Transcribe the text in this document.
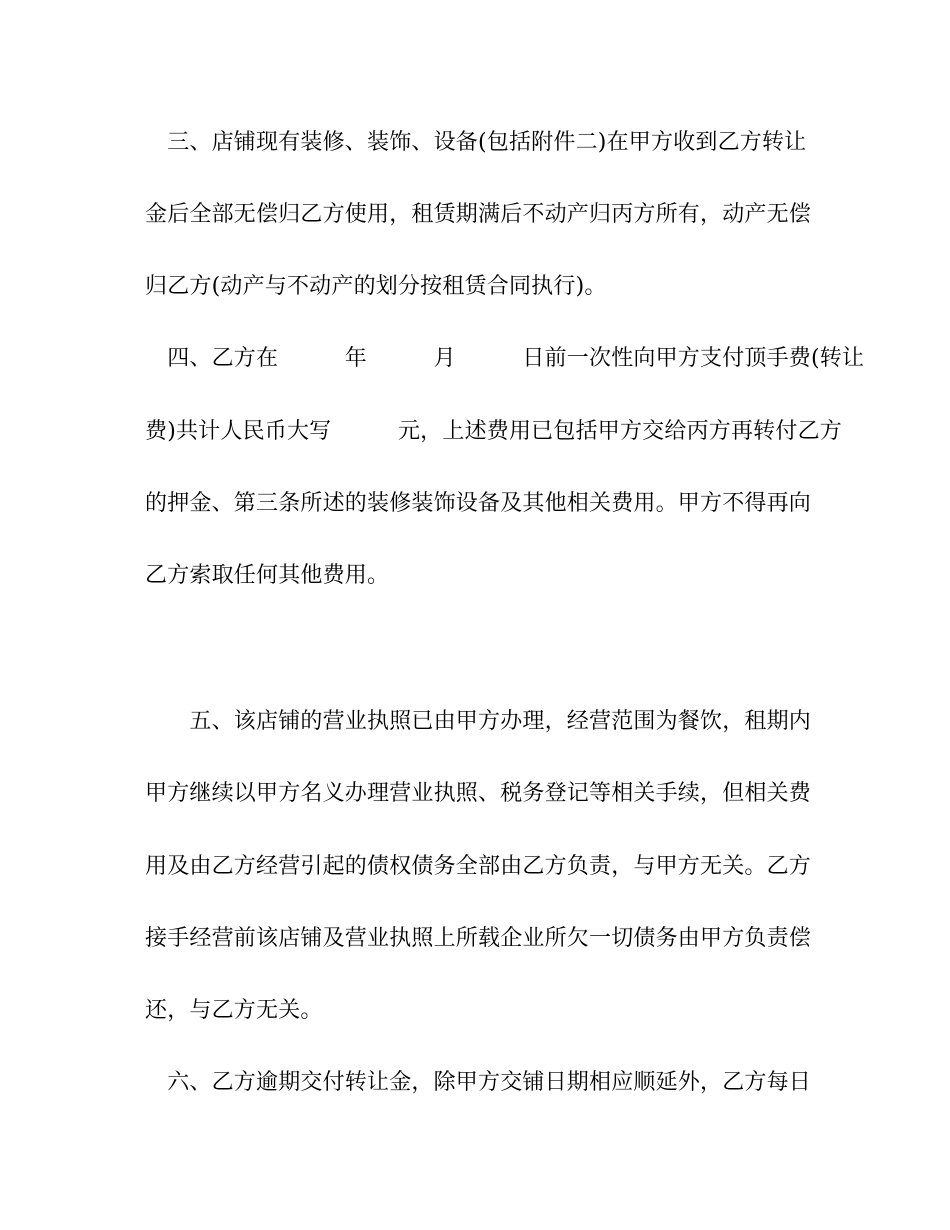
　三、店铺现有装修、装饰、设备(包括附件二)在甲方收到乙方转让
金后全部无偿归乙方使用，租赁期满后不动产归丙方所有，动产无偿
归乙方(动产与不动产的划分按租赁合同执行)。
　四、乙方在　　　年　　　月　　　日前一次性向甲方支付顶手费(转让
费)共计人民币大写　　　元，上述费用已包括甲方交给丙方再转付乙方
的押金、第三条所述的装修装饰设备及其他相关费用。甲方不得再向
乙方索取任何其他费用。
　　五、该店铺的营业执照已由甲方办理，经营范围为餐饮，租期内
甲方继续以甲方名义办理营业执照、税务登记等相关手续，但相关费
用及由乙方经营引起的债权债务全部由乙方负责，与甲方无关。乙方
接手经营前该店铺及营业执照上所载企业所欠一切债务由甲方负责偿
还，与乙方无关。
　六、乙方逾期交付转让金，除甲方交铺日期相应顺延外，乙方每日
